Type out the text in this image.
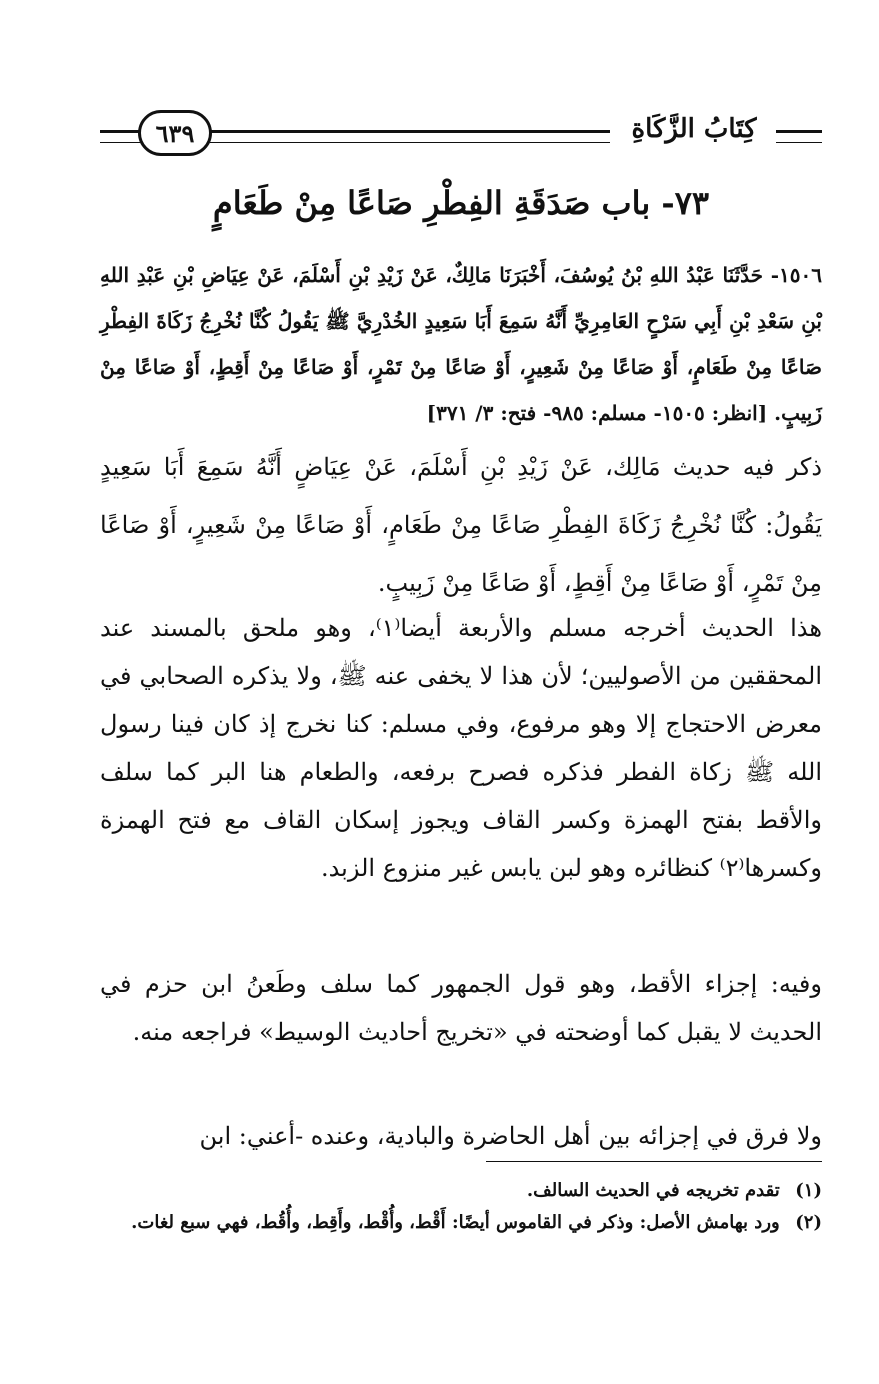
كِتَابُ الزَّكَاةِ
٦٣٩
٧٣- باب صَدَقَةِ الفِطْرِ صَاعًا مِنْ طَعَامٍ
١٥٠٦- حَدَّثَنَا عَبْدُ اللهِ بْنُ يُوسُفَ، أَخْبَرَنَا مَالِكٌ، عَنْ زَيْدِ بْنِ أَسْلَمَ، عَنْ عِيَاضِ بْنِ عَبْدِ اللهِ بْنِ سَعْدِ بْنِ أَبِي سَرْحٍ العَامِرِيِّ أَنَّهُ سَمِعَ أَبَا سَعِيدٍ الخُدْرِيَّ ﷺ يَقُولُ كُنَّا نُخْرِجُ زَكَاةَ الفِطْرِ صَاعًا مِنْ طَعَامٍ، أَوْ صَاعًا مِنْ شَعِيرٍ، أَوْ صَاعًا مِنْ تَمْرٍ، أَوْ صَاعًا مِنْ أَقِطٍ، أَوْ صَاعًا مِنْ زَبِيبٍ. [انظر: ١٥٠٥- مسلم: ٩٨٥- فتح: ٣/ ٣٧١]
ذكر فيه حديث مَالِك، عَنْ زَيْدِ بْنِ أَسْلَمَ، عَنْ عِيَاضٍ أَنَّهُ سَمِعَ أَبَا سَعِيدٍ يَقُولُ: كُنَّا نُخْرِجُ زَكَاةَ الفِطْرِ صَاعًا مِنْ طَعَامٍ، أَوْ صَاعًا مِنْ شَعِيرٍ، أَوْ صَاعًا مِنْ تَمْرٍ، أَوْ صَاعًا مِنْ أَقِطٍ، أَوْ صَاعًا مِنْ زَبِيبٍ.
هذا الحديث أخرجه مسلم والأربعة أيضا⁽١⁾، وهو ملحق بالمسند عند المحققين من الأصوليين؛ لأن هذا لا يخفى عنه ﷺ، ولا يذكره الصحابي في معرض الاحتجاج إلا وهو مرفوع، وفي مسلم: كنا نخرج إذ كان فينا رسول الله ﷺ زكاة الفطر فذكره فصرح برفعه، والطعام هنا البر كما سلف والأقط بفتح الهمزة وكسر القاف ويجوز إسكان القاف مع فتح الهمزة وكسرها⁽٢⁾ كنظائره وهو لبن يابس غير منزوع الزبد.
وفيه: إجزاء الأقط، وهو قول الجمهور كما سلف وطَعنُ ابن حزم في الحديث لا يقبل كما أوضحته في «تخريج أحاديث الوسيط» فراجعه منه.
ولا فرق في إجزائه بين أهل الحاضرة والبادية، وعنده -أعني: ابن
(١) تقدم تخريجه في الحديث السالف.
(٢) ورد بهامش الأصل: وذكر في القاموس أيضًا: أَقْط، وأُقْط، وأَقِط، وأُقُط، فهي سبع لغات.
